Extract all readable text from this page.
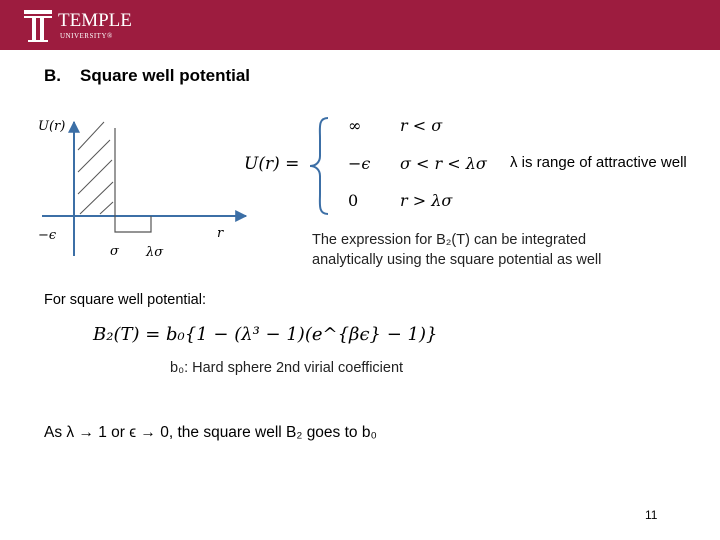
TEMPLE
UNIVERSITY®
B. Square well potential
U(r)
r
−ϵ
σ λσ
U(r) =
∞ r < σ
−ϵ σ < r < λσ λ is range of attractive well
0	r > λσ
The expression for B₂(T) can be integrated
analytically using the square potential as well
For square well potential:
B₂(T) = b₀{1 − (λ³ − 1)(e^{βϵ} − 1)}
b₀: Hard sphere 2nd virial coefficient
As λ → 1 or ϵ → 0, the square well B₂ goes to b₀
11
